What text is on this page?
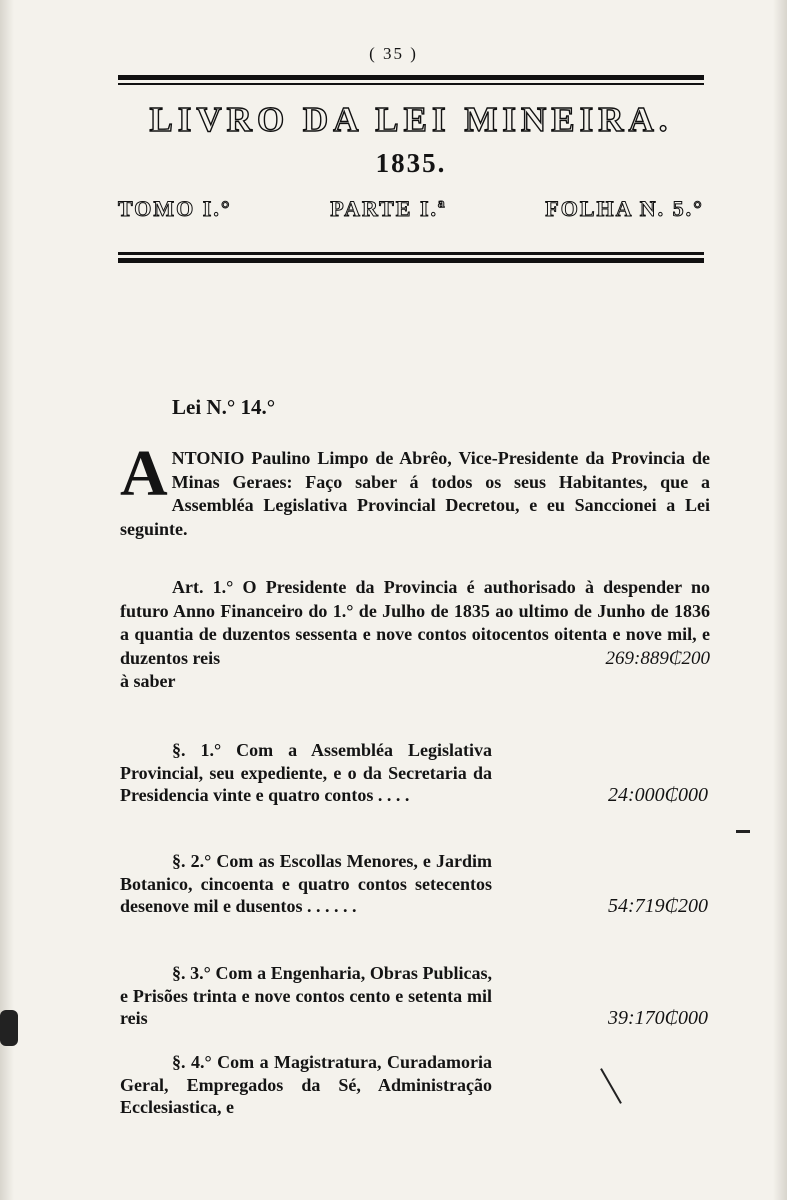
( 35 )
LIVRO DA LEI MINEIRA.
1835.
TOMO I.°	PARTE I.ª	FOLHA N. 5.°
Lei N.° 14.°
A NTONIO Paulino Limpo de Abrêo, Vice-Presidente da Provincia de Minas Geraes: Faço saber á todos os seus Habitantes, que a Assembléa Legislativa Provincial Decretou, e eu Sanccionei a Lei seguinte.
Art. 1.° O Presidente da Provincia é authorisado à despender no futuro Anno Financeiro do 1.° de Julho de 1835 ao ultimo de Junho de 1836 a quantia de duzentos sessenta e nove contos oitocentos oitenta e nove mil, e duzentos reis	269:889₵200
à saber
§. 1.° Com a Assembléa Legislativa Provincial, seu expediente, e o da Secretaria da Presidencia vinte e quatro contos . . . .	24:000₵000
§. 2.° Com as Escollas Menores, e Jardim Botanico, cincoenta e quatro contos setecentos desenove mil e dusentos . . . . . .	54:719₵200
§. 3.° Com a Engenharia, Obras Publicas, e Prisões trinta e nove contos cento e setenta mil reis	39:170₵000
§. 4.° Com a Magistratura, Curadamoria Geral, Empregados da Sé, Administração Ecclesiastica, e
